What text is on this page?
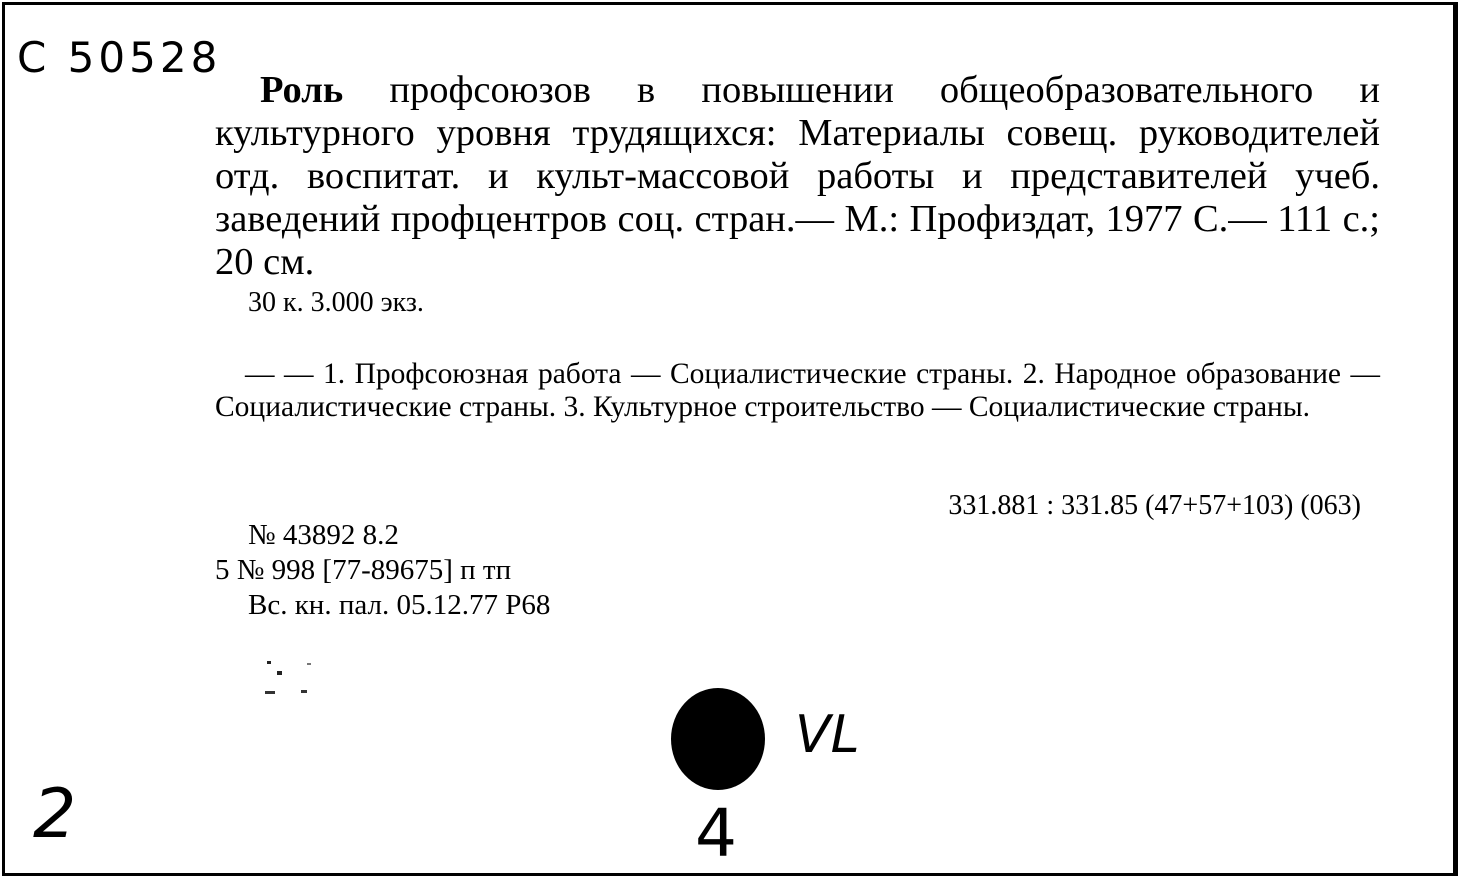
С 50528
Роль профсоюзов в повышении общеобразовательного и культурного уровня трудящихся: Материалы совещ. руководителей отд. воспитат. и культ-массовой работы и представителей учеб. заведений профцентров соц. стран.— М.: Профиздат, 1977 С.— 111 с.; 20 см.
30 к. 3.000 экз.
— — 1. Профсоюзная работа — Социалистические страны. 2. Народное образование — Социалистические страны. 3. Культурное строительство — Социалистические страны.
331.881 : 331.85 (47+57+103) (063)
№ 43892 8.2
5 № 998 [77-89675] п тп
Вс. кн. пал. 05.12.77 Р68
VL
2	4
